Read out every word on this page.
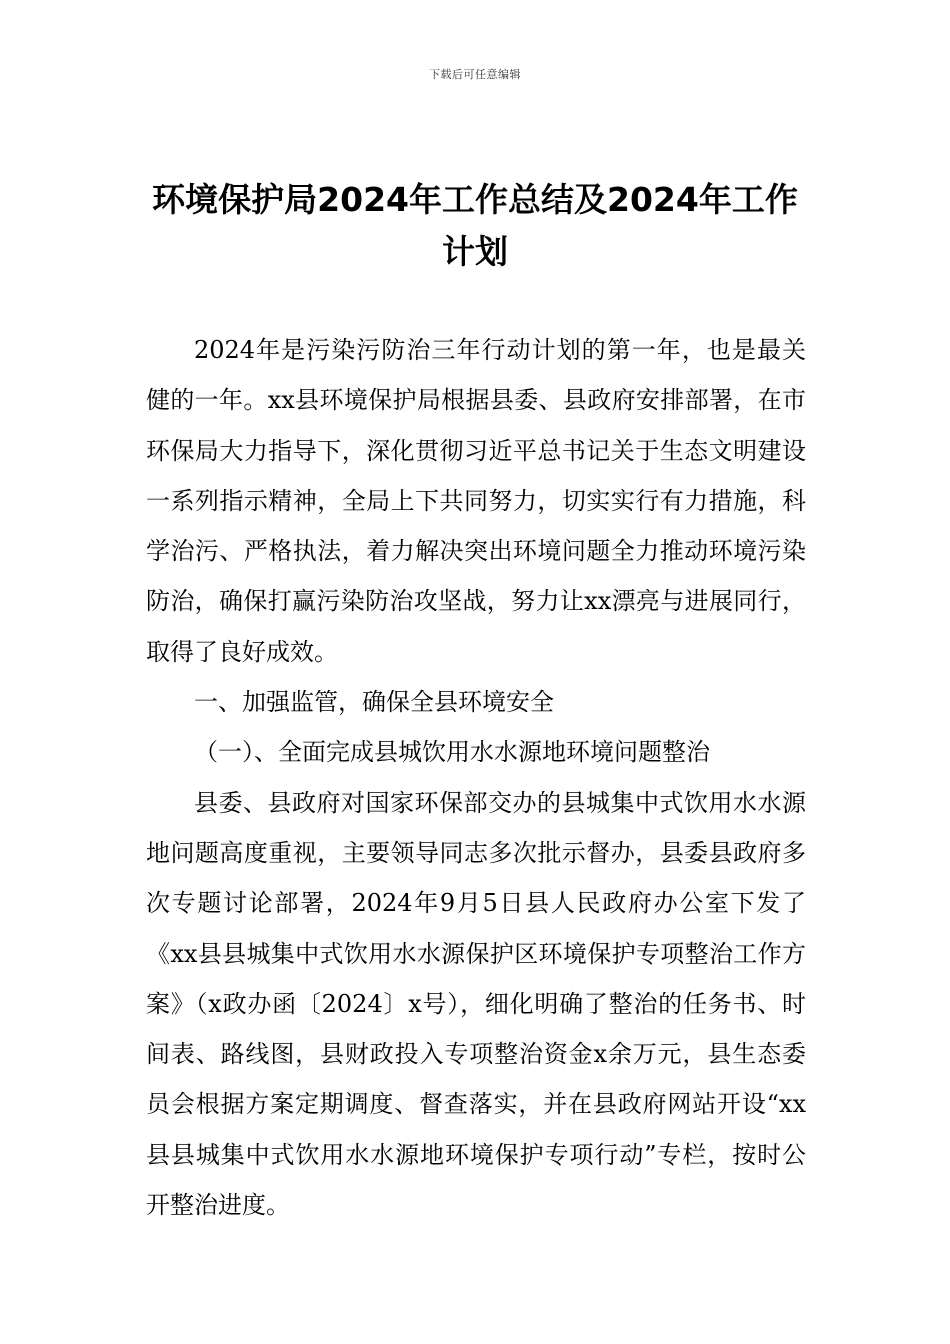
下载后可任意编辑
环境保护局2024年工作总结及2024年工作
计划

2024年是污染污防治三年行动计划的第一年，也是最关健的一年。xx县环境保护局根据县委、县政府安排部署，在市环保局大力指导下，深化贯彻习近平总书记关于生态文明建设一系列指示精神，全局上下共同努力，切实实行有力措施，科学治污、严格执法，着力解决突出环境问题全力推动环境污染防治，确保打赢污染防治攻坚战，努力让xx漂亮与进展同行，取得了良好成效。

一、加强监管，确保全县环境安全

（一）、全面完成县城饮用水水源地环境问题整治

县委、县政府对国家环保部交办的县城集中式饮用水水源地问题高度重视，主要领导同志多次批示督办，县委县政府多次专题讨论部署，2024年9月5日县人民政府办公室下发了《xx县县城集中式饮用水水源保护区环境保护专项整治工作方案》（x政办函〔2024〕x号），细化明确了整治的任务书、时间表、路线图，县财政投入专项整治资金x余万元，县生态委员会根据方案定期调度、督查落实，并在县政府网站开设“xx县县城集中式饮用水水源地环境保护专项行动”专栏，按时公开整治进度。
